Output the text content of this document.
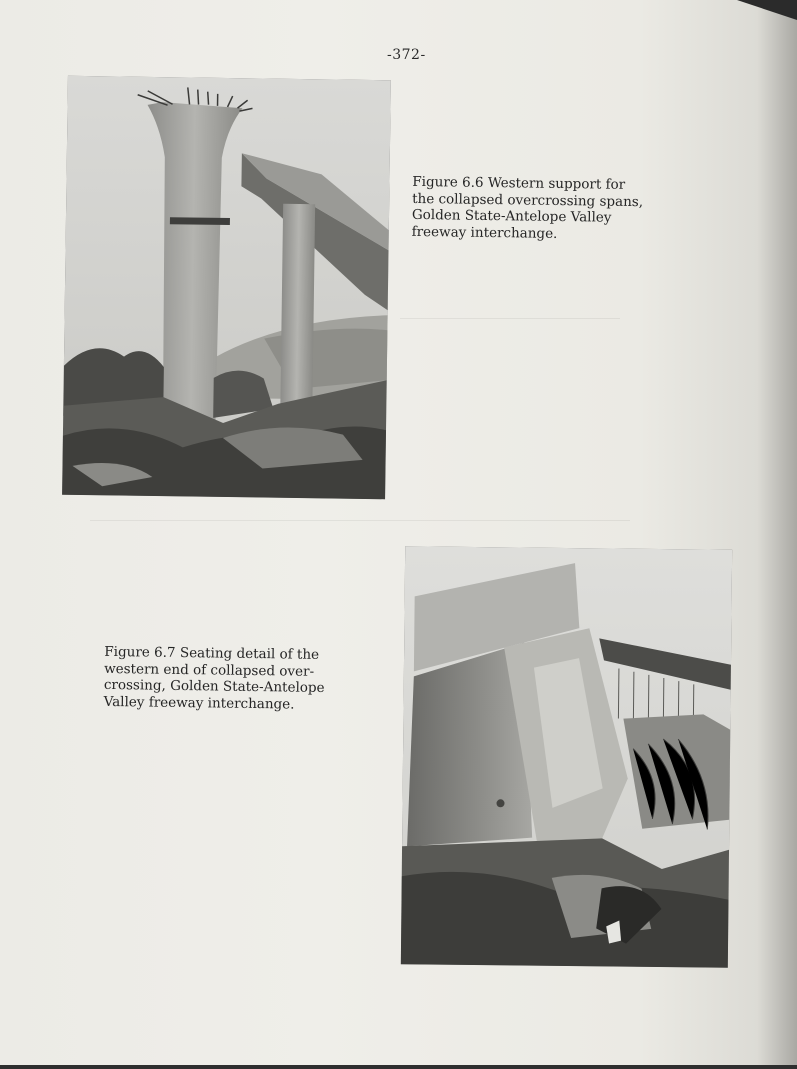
-372-
Figure 6.6 Western support for
the collapsed overcrossing spans,
Golden State-Antelope Valley
freeway interchange.
Figure 6.7 Seating detail of the
western end of collapsed over-
crossing, Golden State-Antelope
Valley freeway interchange.
